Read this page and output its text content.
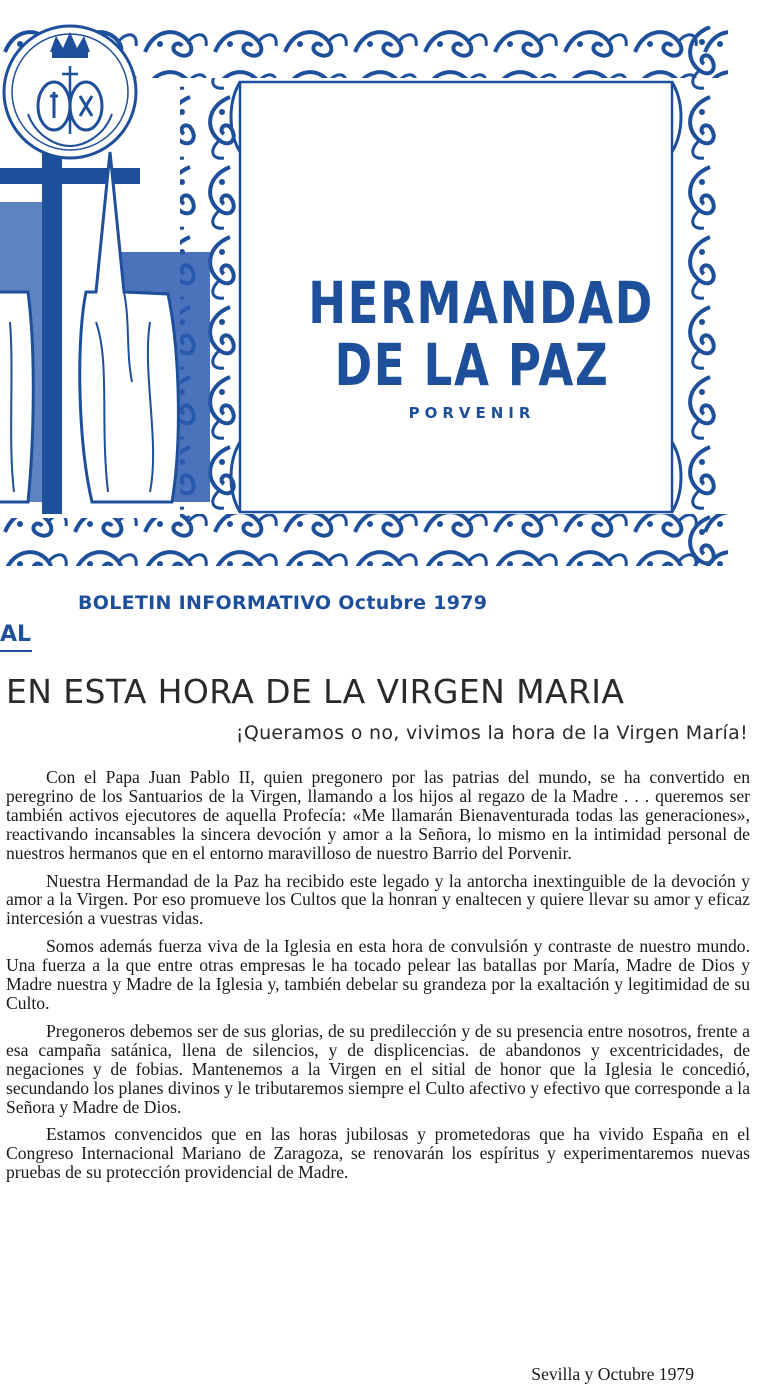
HERMANDAD
DE LA PAZ
PORVENIR
BOLETIN INFORMATIVO Octubre 1979
AL
EN ESTA HORA DE LA VIRGEN MARIA
¡Queramos o no, vivimos la hora de la Virgen María!

Con el Papa Juan Pablo II, quien pregonero por las patrias del mundo, se ha convertido en peregrino de los Santuarios de la Virgen, llamando a los hijos al regazo de la Madre . . . queremos ser también activos ejecutores de aquella Profecía: «Me llamarán Bienaventurada todas las generaciones», reactivando incansables la sincera devoción y amor a la Señora, lo mismo en la intimidad personal de nuestros hermanos que en el entorno maravilloso de nuestro Barrio del Porvenir.

Nuestra Hermandad de la Paz ha recibido este legado y la antorcha inextinguible de la devoción y amor a la Virgen. Por eso promueve los Cultos que la honran y enaltecen y quiere llevar su amor y eficaz intercesión a vuestras vidas.

Somos además fuerza viva de la Iglesia en esta hora de convulsión y contraste de nuestro mundo. Una fuerza a la que entre otras empresas le ha tocado pelear las batallas por María, Madre de Dios y Madre nuestra y Madre de la Iglesia y, también debelar su grandeza por la exaltación y legitimidad de su Culto.

Pregoneros debemos ser de sus glorias, de su predilección y de su presencia entre nosotros, frente a esa campaña satánica, llena de silencios, y de displicencias. de abandonos y excentricidades, de negaciones y de fobias. Mantenemos a la Virgen en el sitial de honor que la Iglesia le concedió, secundando los planes divinos y le tributaremos siempre el Culto afectivo y efectivo que corresponde a la Señora y Madre de Dios.

Estamos convencidos que en las horas jubilosas y prometedoras que ha vivido España en el Congreso Internacional Mariano de Zaragoza, se renovarán los espíritus y experimentaremos nuevas pruebas de su protección providencial de Madre.

Sevilla y Octubre 1979
